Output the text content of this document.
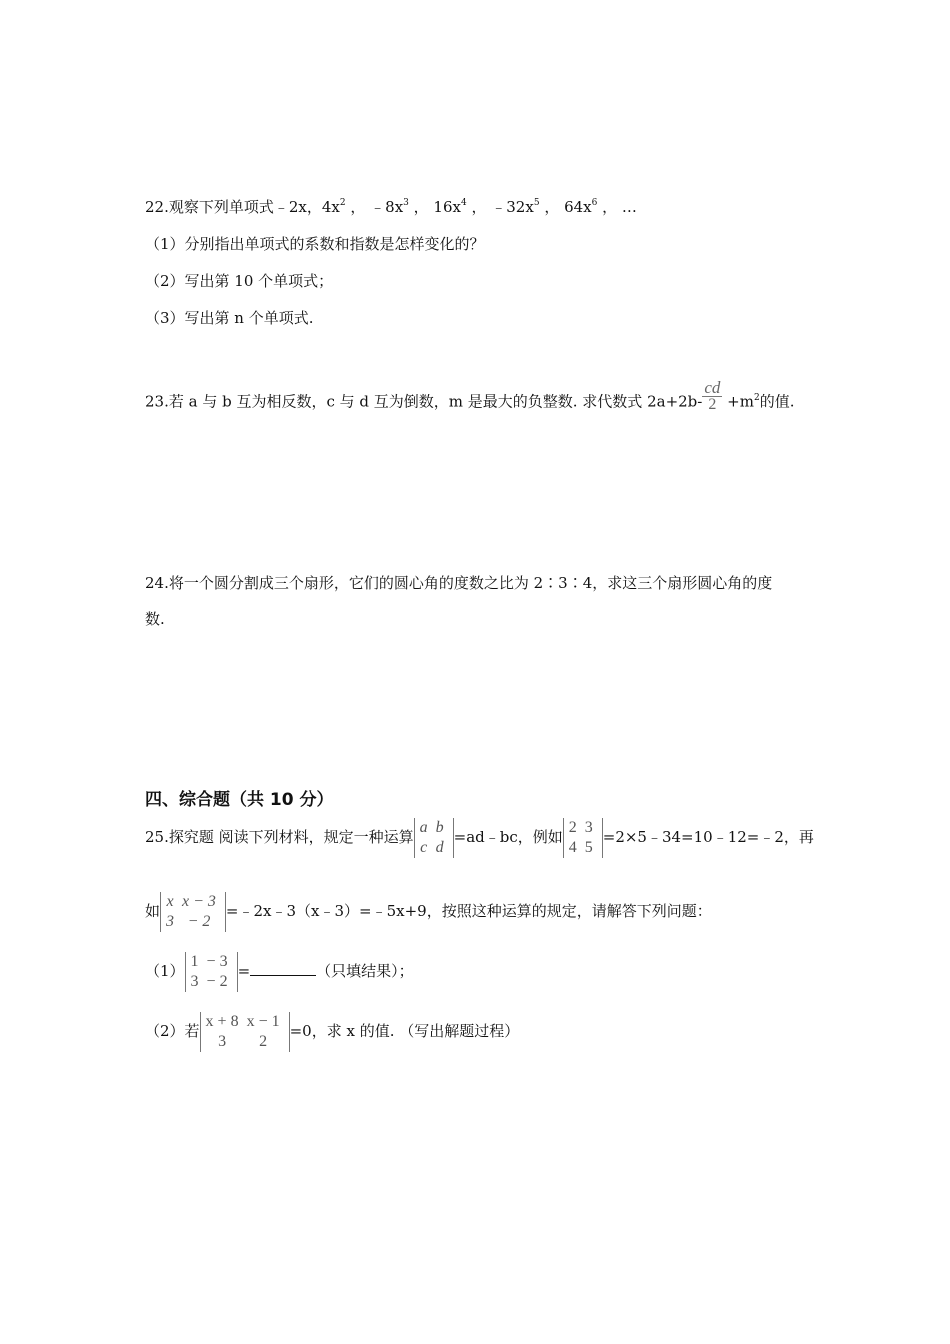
22.观察下列单项式﹣2x，$4x^2$ ， $﹣8x^3$ ， $16x^4$ ， $﹣32x^5$ ， $64x^6$ ， …
（1）分别指出单项式的系数和指数是怎样变化的？
（2）写出第 10 个单项式；
（3）写出第 n 个单项式.
23.若 a 与 b 互为相反数，c 与 d 互为倒数，m 是最大的负整数. 求代数式 $2a+2b- \frac{cd}{2} +m^2$的值.
24.将一个圆分割成三个扇形，它们的圆心角的度数之比为 2∶3∶4，求这三个扇形圆心角的度
数.
四、综合题（共 10 分）
25.探究题 阅读下列材料，规定一种运算
a	b
c	d
=ad﹣bc，例如
2	3
4	5
=2×5﹣34=10﹣12=﹣2，再
如
x	x − 3
3	− 2
=﹣2x﹣3（x﹣3）=﹣5x+9，按照这种运算的规定，请解答下列问题：
（1）
1	− 3
3	− 2
=	（只填结果）；
（2）若
x + 8	x − 1
3	2
=0，求 x 的值. （写出解题过程）
